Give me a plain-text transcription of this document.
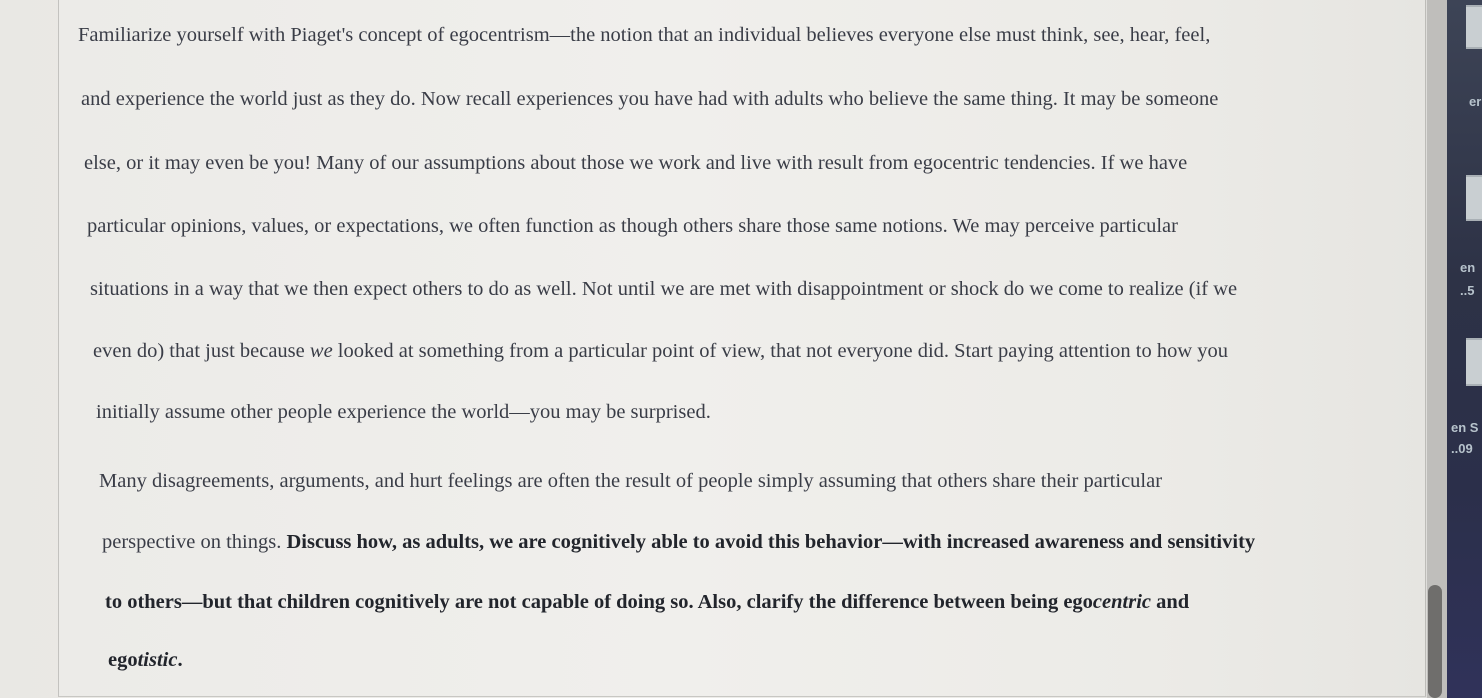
Familiarize yourself with Piaget's concept of egocentrism—the notion that an individual believes everyone else must think, see, hear, feel,
and experience the world just as they do. Now recall experiences you have had with adults who believe the same thing. It may be someone
else, or it may even be you! Many of our assumptions about those we work and live with result from egocentric tendencies. If we have
particular opinions, values, or expectations, we often function as though others share those same notions. We may perceive particular
situations in a way that we then expect others to do as well. Not until we are met with disappointment or shock do we come to realize (if we
even do) that just because we looked at something from a particular point of view, that not everyone did. Start paying attention to how you
initially assume other people experience the world—you may be surprised.
Many disagreements, arguments, and hurt feelings are often the result of people simply assuming that others share their particular
perspective on things. Discuss how, as adults, we are cognitively able to avoid this behavior—with increased awareness and sensitivity
to others—but that children cognitively are not capable of doing so. Also, clarify the difference between being egocentric and
egotistic.
er
en
..5
en S
..09
